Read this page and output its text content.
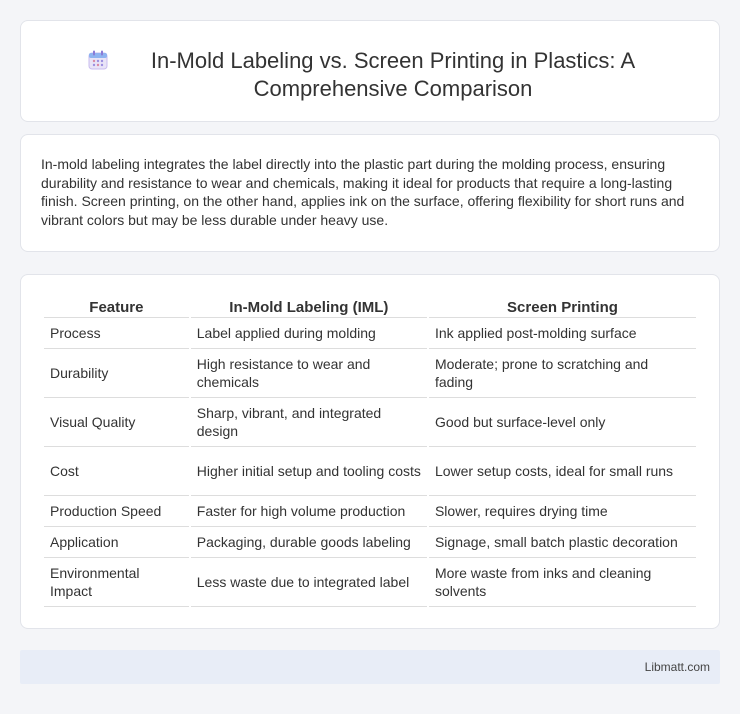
In-Mold Labeling vs. Screen Printing in Plastics: A Comprehensive Comparison

In-mold labeling integrates the label directly into the plastic part during the molding process, ensuring durability and resistance to wear and chemicals, making it ideal for products that require a long-lasting finish. Screen printing, on the other hand, applies ink on the surface, offering flexibility for short runs and vibrant colors but may be less durable under heavy use.

Feature	In-Mold Labeling (IML)	Screen Printing
Process	Label applied during molding	Ink applied post-molding surface
Durability	High resistance to wear and chemicals	Moderate; prone to scratching and fading
Visual Quality	Sharp, vibrant, and integrated design	Good but surface-level only
Cost	Higher initial setup and tooling costs	Lower setup costs, ideal for small runs
Production Speed	Faster for high volume production	Slower, requires drying time
Application	Packaging, durable goods labeling	Signage, small batch plastic decoration
Environmental Impact	Less waste due to integrated label	More waste from inks and cleaning solvents
Libmatt.com
